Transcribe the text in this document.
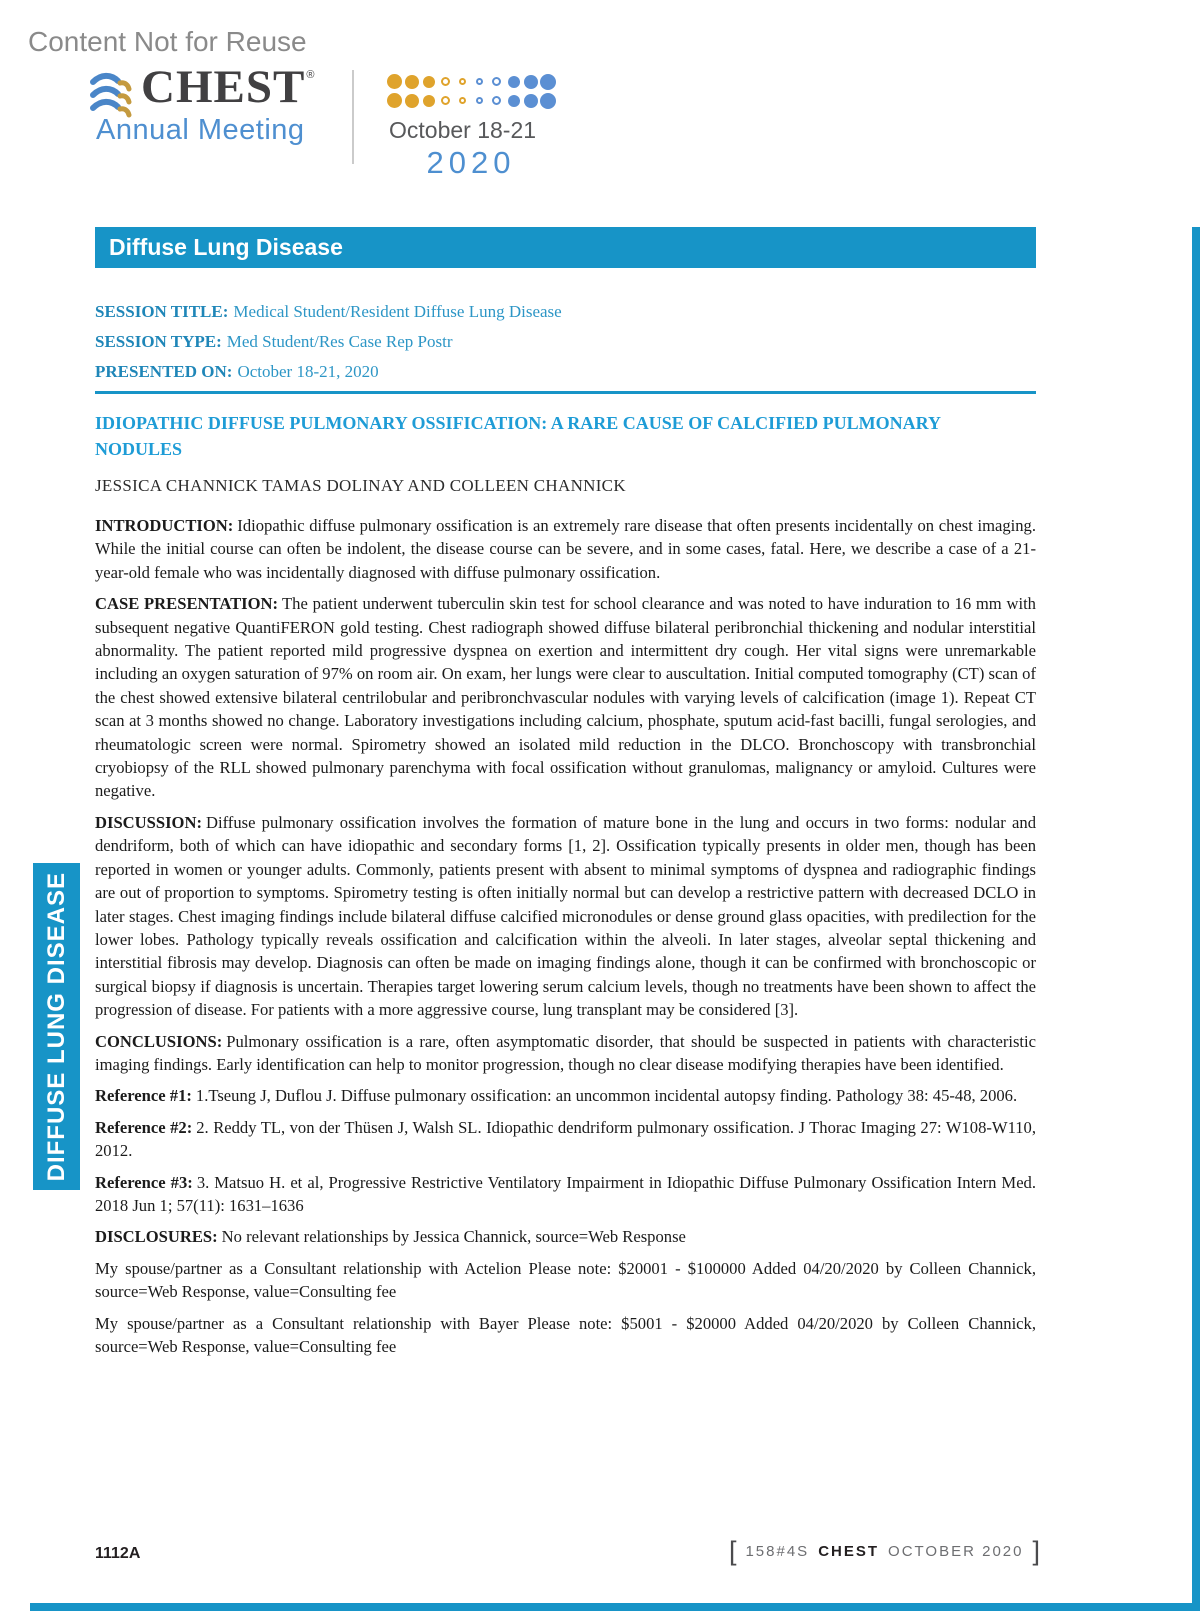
Content Not for Reuse
CHEST®
Annual Meeting	October 18-21
2020
Diffuse Lung Disease
SESSION TITLE: Medical Student/Resident Diffuse Lung Disease
SESSION TYPE: Med Student/Res Case Rep Postr
PRESENTED ON: October 18-21, 2020
IDIOPATHIC DIFFUSE PULMONARY OSSIFICATION: A RARE CAUSE OF CALCIFIED PULMONARY NODULES
JESSICA CHANNICK TAMAS DOLINAY AND COLLEEN CHANNICK

INTRODUCTION: Idiopathic diffuse pulmonary ossification is an extremely rare disease that often presents incidentally on chest imaging. While the initial course can often be indolent, the disease course can be severe, and in some cases, fatal. Here, we describe a case of a 21-year-old female who was incidentally diagnosed with diffuse pulmonary ossification.

CASE PRESENTATION: The patient underwent tuberculin skin test for school clearance and was noted to have induration to 16 mm with subsequent negative QuantiFERON gold testing. Chest radiograph showed diffuse bilateral peribronchial thickening and nodular interstitial abnormality. The patient reported mild progressive dyspnea on exertion and intermittent dry cough. Her vital signs were unremarkable including an oxygen saturation of 97% on room air. On exam, her lungs were clear to auscultation. Initial computed tomography (CT) scan of the chest showed extensive bilateral centrilobular and peribronchvascular nodules with varying levels of calcification (image 1). Repeat CT scan at 3 months showed no change. Laboratory investigations including calcium, phosphate, sputum acid-fast bacilli, fungal serologies, and rheumatologic screen were normal. Spirometry showed an isolated mild reduction in the DLCO. Bronchoscopy with transbronchial cryobiopsy of the RLL showed pulmonary parenchyma with focal ossification without granulomas, malignancy or amyloid. Cultures were negative.

DISCUSSION: Diffuse pulmonary ossification involves the formation of mature bone in the lung and occurs in two forms: nodular and dendriform, both of which can have idiopathic and secondary forms [1, 2]. Ossification typically presents in older men, though has been reported in women or younger adults. Commonly, patients present with absent to minimal symptoms of dyspnea and radiographic findings are out of proportion to symptoms. Spirometry testing is often initially normal but can develop a restrictive pattern with decreased DCLO in later stages. Chest imaging findings include bilateral diffuse calcified micronodules or dense ground glass opacities, with predilection for the lower lobes. Pathology typically reveals ossification and calcification within the alveoli. In later stages, alveolar septal thickening and interstitial fibrosis may develop. Diagnosis can often be made on imaging findings alone, though it can be confirmed with bronchoscopic or surgical biopsy if diagnosis is uncertain. Therapies target lowering serum calcium levels, though no treatments have been shown to affect the progression of disease. For patients with a more aggressive course, lung transplant may be considered [3].

CONCLUSIONS: Pulmonary ossification is a rare, often asymptomatic disorder, that should be suspected in patients with characteristic imaging findings. Early identification can help to monitor progression, though no clear disease modifying therapies have been identified.

Reference #1: 1.Tseung J, Duflou J. Diffuse pulmonary ossification: an uncommon incidental autopsy finding. Pathology 38: 45-48, 2006.

Reference #2: 2. Reddy TL, von der Thüsen J, Walsh SL. Idiopathic dendriform pulmonary ossification. J Thorac Imaging 27: W108-W110, 2012.

Reference #3: 3. Matsuo H. et al, Progressive Restrictive Ventilatory Impairment in Idiopathic Diffuse Pulmonary Ossification Intern Med. 2018 Jun 1; 57(11): 1631–1636

DISCLOSURES: No relevant relationships by Jessica Channick, source=Web Response

My spouse/partner as a Consultant relationship with Actelion Please note: $20001 - $100000 Added 04/20/2020 by Colleen Channick, source=Web Response, value=Consulting fee

My spouse/partner as a Consultant relationship with Bayer Please note: $5001 - $20000 Added 04/20/2020 by Colleen Channick, source=Web Response, value=Consulting fee

DIFFUSE LUNG DISEASE
1112A	[ 158#4S CHEST OCTOBER 2020 ]
